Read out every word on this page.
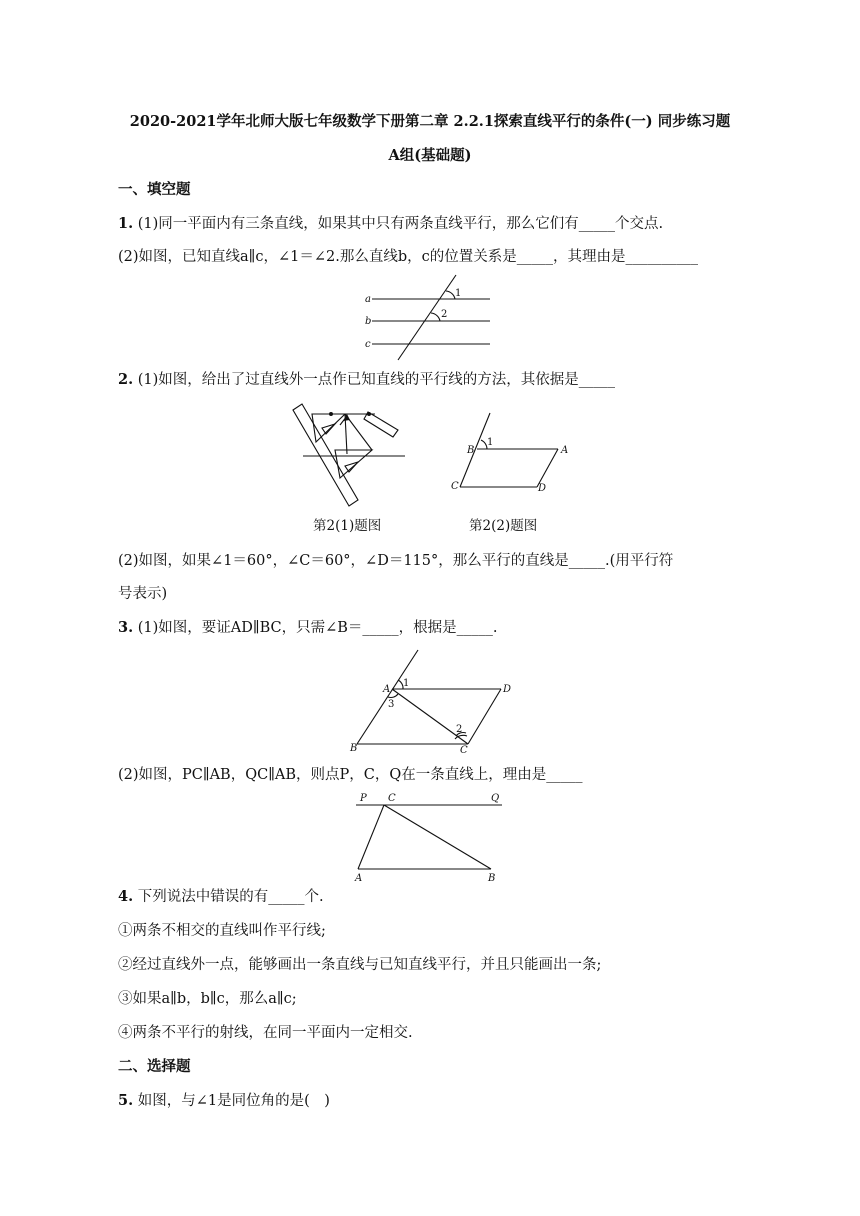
2020-2021学年北师大版七年级数学下册第二章 2.2.1探索直线平行的条件(一) 同步练习题
A组(基础题)
一、填空题
1. (1)同一平面内有三条直线，如果其中只有两条直线平行，那么它们有_____个交点.
(2)如图，已知直线a∥c，∠1＝∠2.那么直线b，c的位置关系是_____，其理由是__________
a
b
c
1
2
2. (1)如图，给出了过直线外一点作已知直线的平行线的方法，其依据是_____
B	A
C	D
1
第2(1)题图	第2(2)题图
(2)如图，如果∠1＝60°，∠C＝60°，∠D＝115°，那么平行的直线是_____.(用平行符
号表示)
3. (1)如图，要证AD∥BC，只需∠B＝_____，根据是_____.
A	D
B	C
1
2
3
(2)如图，PC∥AB，QC∥AB，则点P，C，Q在一条直线上，理由是_____
P C	Q
A	B
4. 下列说法中错误的有_____个.
①两条不相交的直线叫作平行线;
②经过直线外一点，能够画出一条直线与已知直线平行，并且只能画出一条;
③如果a∥b，b∥c，那么a∥c;
④两条不平行的射线，在同一平面内一定相交.
二、选择题
5. 如图，与∠1是同位角的是(　)
